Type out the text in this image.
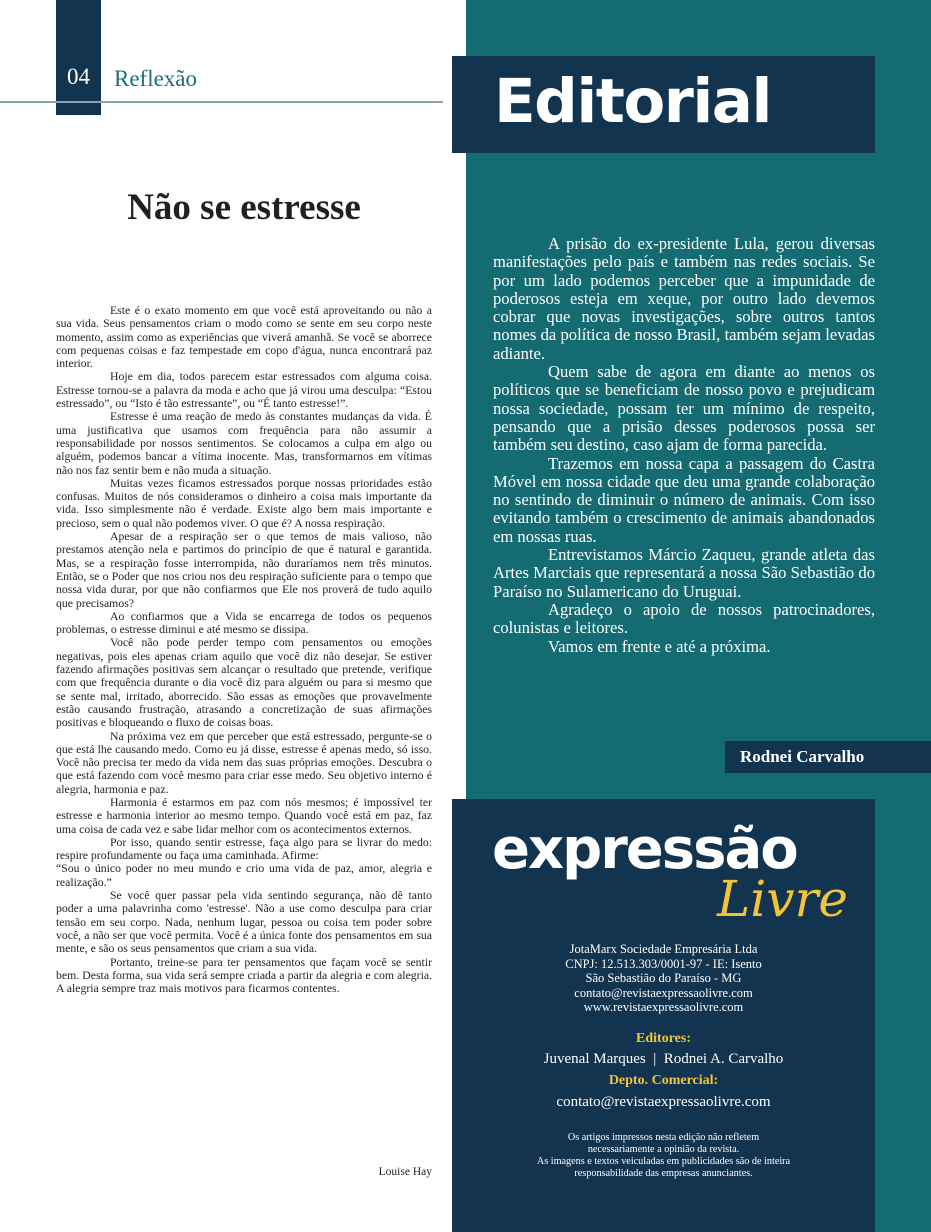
04	Reflexão
Não se estresse

Este é o exato momento em que você está aproveitando ou não a sua vida. Seus pensamentos criam o modo como se sente em seu corpo neste momento, assim como as experiências que viverá amanhã. Se você se aborrece com pequenas coisas e faz tempestade em copo d'água, nunca encontrará paz interior.

Hoje em dia, todos parecem estar estressados com alguma coisa. Estresse tornou-se a palavra da moda e acho que já virou uma desculpa: “Estou estressado”, ou “Isto é tão estressante”, ou “É tanto estresse!”.

Estresse é uma reação de medo às constantes mudanças da vida. É uma justificativa que usamos com frequência para não assumir a responsabilidade por nossos sentimentos. Se colocamos a culpa em algo ou alguém, podemos bancar a vítima inocente. Mas, transformarnos em vítimas não nos faz sentir bem e não muda a situação.

Muitas vezes ficamos estressados porque nossas prioridades estão confusas. Muitos de nós consideramos o dinheiro a coisa mais importante da vida. Isso simplesmente não é verdade. Existe algo bem mais importante e precioso, sem o qual não podemos viver. O que é? A nossa respiração.

Apesar de a respiração ser o que temos de mais valioso, não prestamos atenção nela e partimos do princípio de que é natural e garantida. Mas, se a respiração fosse interrompida, não duraríamos nem três minutos. Então, se o Poder que nos criou nos deu respiração suficiente para o tempo que nossa vida durar, por que não confiarmos que Ele nos proverá de tudo aquilo que precisamos?

Ao confiarmos que a Vida se encarrega de todos os pequenos problemas, o estresse diminui e até mesmo se dissipa.

Você não pode perder tempo com pensamentos ou emoções negativas, pois eles apenas criam aquilo que você diz não desejar. Se estiver fazendo afirmações positivas sem alcançar o resultado que pretende, verifique com que frequência durante o dia você diz para alguém ou para si mesmo que se sente mal, irritado, aborrecido. São essas as emoções que provavelmente estão causando frustração, atrasando a concretização de suas afirmações positivas e bloqueando o fluxo de coisas boas.

Na próxima vez em que perceber que está estressado, pergunte-se o que está lhe causando medo. Como eu já disse, estresse é apenas medo, só isso. Você não precisa ter medo da vida nem das suas próprias emoções. Descubra o que está fazendo com você mesmo para criar esse medo. Seu objetivo interno é alegria, harmonia e paz.

Harmonia é estarmos em paz com nós mesmos; é impossível ter estresse e harmonia interior ao mesmo tempo. Quando você está em paz, faz uma coisa de cada vez e sabe lidar melhor com os acontecimentos externos.

Por isso, quando sentir estresse, faça algo para se livrar do medo: respire profundamente ou faça uma caminhada. Afirme:

“Sou o único poder no meu mundo e crio uma vida de paz, amor, alegria e realização.”

Se você quer passar pela vida sentindo segurança, não dê tanto poder a uma palavrinha como 'estresse'. Não a use como desculpa para criar tensão em seu corpo. Nada, nenhum lugar, pessoa ou coisa tem poder sobre você, a não ser que você permita. Você é a única fonte dos pensamentos em sua mente, e são os seus pensamentos que criam a sua vida.

Portanto, treine-se para ter pensamentos que façam você se sentir bem. Desta forma, sua vida será sempre criada a partir da alegria e com alegria. A alegria sempre traz mais motivos para ficarmos contentes.

Louise Hay
Editorial

A prisão do ex-presidente Lula, gerou diversas manifestações pelo país e também nas redes sociais. Se por um lado podemos perceber que a impunidade de poderosos esteja em xeque, por outro lado devemos cobrar que novas investigações, sobre outros tantos nomes da política de nosso Brasil, também sejam levadas adiante.

Quem sabe de agora em diante ao menos os políticos que se beneficiam de nosso povo e prejudicam nossa sociedade, possam ter um mínimo de respeito, pensando que a prisão desses poderosos possa ser também seu destino, caso ajam de forma parecida.

Trazemos em nossa capa a passagem do Castra Móvel em nossa cidade que deu uma grande colaboração no sentindo de diminuir o número de animais. Com isso evitando também o crescimento de animais abandonados em nossas ruas.

Entrevistamos Márcio Zaqueu, grande atleta das Artes Marciais que representará a nossa São Sebastião do Paraíso no Sulamericano do Uruguai.

Agradeço o apoio de nossos patrocinadores, colunistas e leitores.

Vamos em frente e até a próxima.

Rodnei Carvalho
expressão
Livre
JotaMarx Sociedade Empresária Ltda
CNPJ: 12.513.303/0001-97 - IE: Isento
São Sebastião do Paraíso - MG
contato@revistaexpressaolivre.com
www.revistaexpressaolivre.com
Editores:
Juvenal Marques  |  Rodnei A. Carvalho
Depto. Comercial:
contato@revistaexpressaolivre.com
Os artigos impressos nesta edição não refletem
necessariamente a opinião da revista.
As imagens e textos veiculadas em publicidades são de inteira
responsabilidade das empresas anunciantes.
